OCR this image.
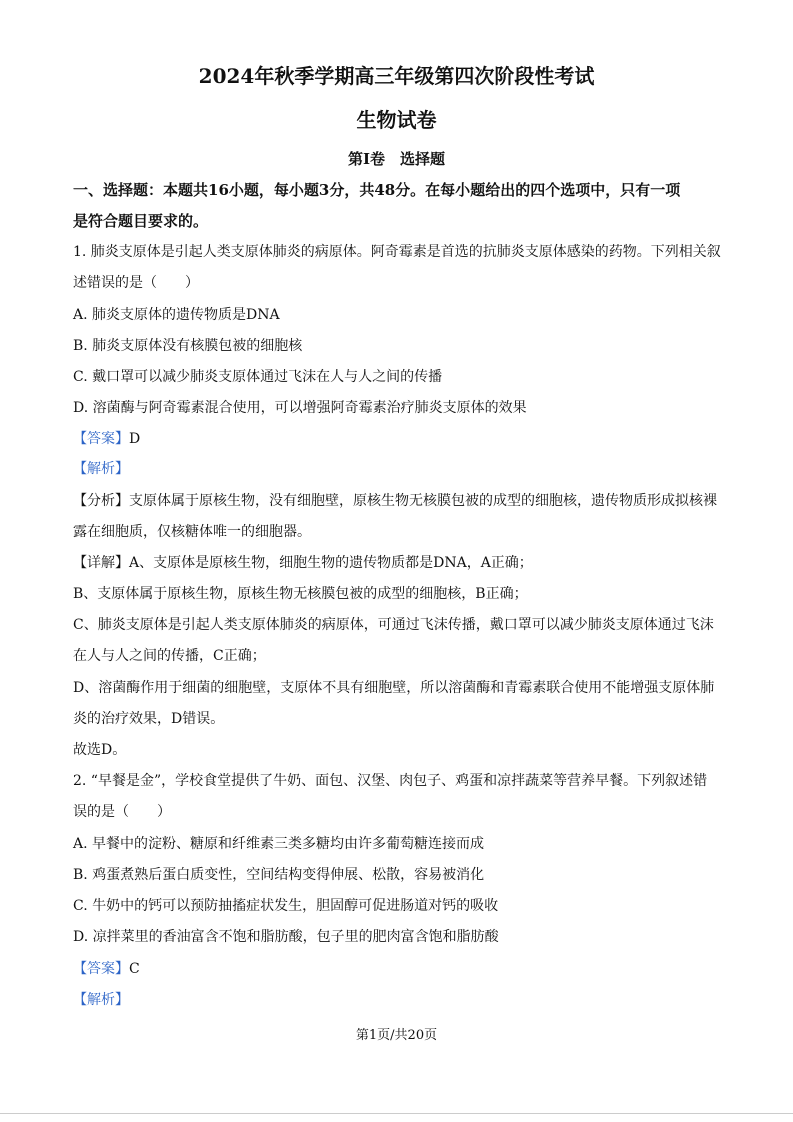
2024年秋季学期高三年级第四次阶段性考试
生物试卷
第Ⅰ卷　选择题

一、选择题：本题共16小题，每小题3分，共48分。在每小题给出的四个选项中，只有一项

是符合题目要求的。

1. 肺炎支原体是引起人类支原体肺炎的病原体。阿奇霉素是首选的抗肺炎支原体感染的药物。下列相关叙

述错误的是（　　）

A. 肺炎支原体的遗传物质是DNA

B. 肺炎支原体没有核膜包被的细胞核

C. 戴口罩可以减少肺炎支原体通过飞沫在人与人之间的传播

D. 溶菌酶与阿奇霉素混合使用，可以增强阿奇霉素治疗肺炎支原体的效果

【答案】D

【解析】

【分析】支原体属于原核生物，没有细胞壁，原核生物无核膜包被的成型的细胞核，遗传物质形成拟核裸

露在细胞质，仅核糖体唯一的细胞器。

【详解】A、支原体是原核生物，细胞生物的遗传物质都是DNA，A正确；

B、支原体属于原核生物，原核生物无核膜包被的成型的细胞核，B正确；

C、肺炎支原体是引起人类支原体肺炎的病原体，可通过飞沫传播，戴口罩可以减少肺炎支原体通过飞沫

在人与人之间的传播，C正确；

D、溶菌酶作用于细菌的细胞壁，支原体不具有细胞壁，所以溶菌酶和青霉素联合使用不能增强支原体肺

炎的治疗效果，D错误。

故选D。

2. “早餐是金”，学校食堂提供了牛奶、面包、汉堡、肉包子、鸡蛋和凉拌蔬菜等营养早餐。下列叙述错

误的是（　　）

A. 早餐中的淀粉、糖原和纤维素三类多糖均由许多葡萄糖连接而成

B. 鸡蛋煮熟后蛋白质变性，空间结构变得伸展、松散，容易被消化

C. 牛奶中的钙可以预防抽搐症状发生，胆固醇可促进肠道对钙的吸收

D. 凉拌菜里的香油富含不饱和脂肪酸，包子里的肥肉富含饱和脂肪酸

【答案】C

【解析】

第1页/共20页
